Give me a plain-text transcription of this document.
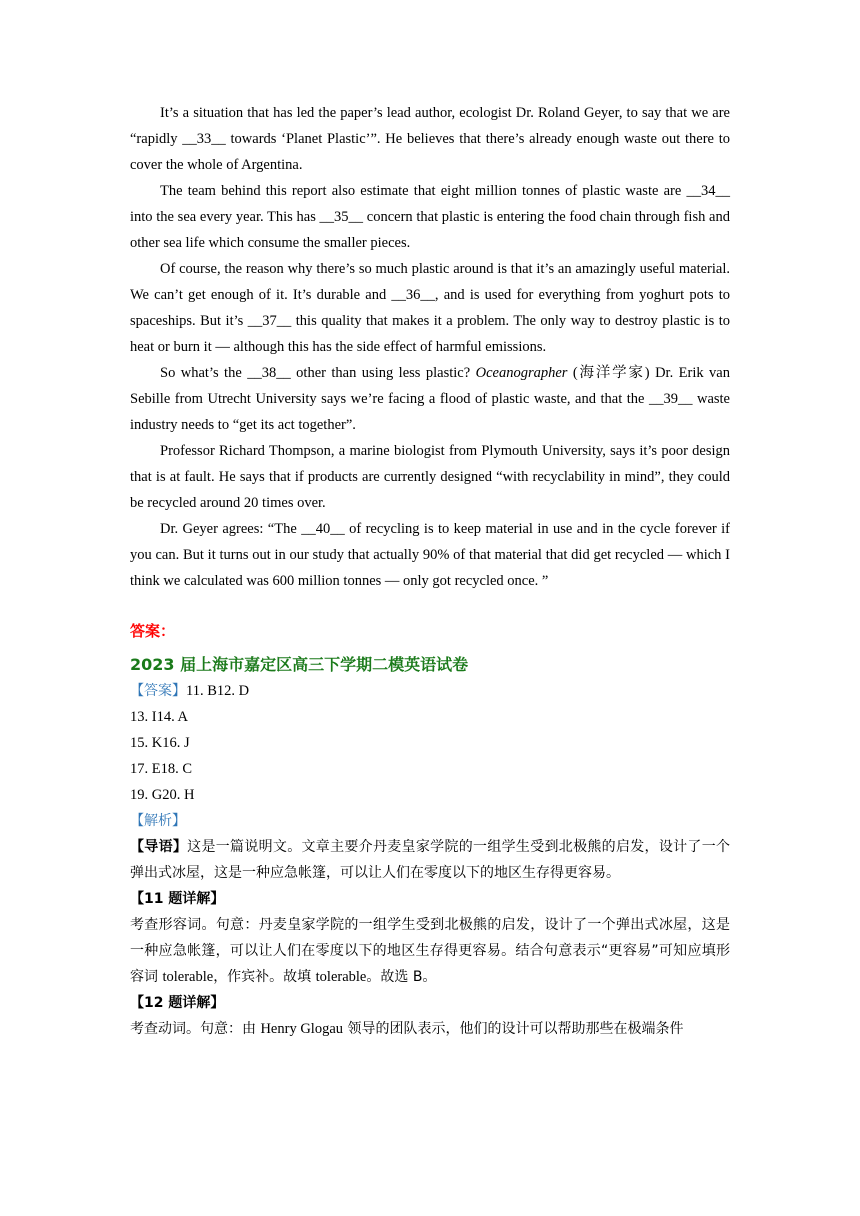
It’s a situation that has led the paper’s lead author, ecologist Dr. Roland Geyer, to say that we are “rapidly __33__ towards ‘Planet Plastic’”. He believes that there’s already enough waste out there to cover the whole of Argentina.

The team behind this report also estimate that eight million tonnes of plastic waste are __34__ into the sea every year. This has __35__ concern that plastic is entering the food chain through fish and other sea life which consume the smaller pieces.

Of course, the reason why there’s so much plastic around is that it’s an amazingly useful material. We can’t get enough of it. It’s durable and __36__, and is used for everything from yoghurt pots to spaceships. But it’s __37__ this quality that makes it a problem. The only way to destroy plastic is to heat or burn it — although this has the side effect of harmful emissions.

So what’s the __38__ other than using less plastic? Oceanographer (海洋学家) Dr. Erik van Sebille from Utrecht University says we’re facing a flood of plastic waste, and that the __39__ waste industry needs to “get its act together”.

Professor Richard Thompson, a marine biologist from Plymouth University, says it’s poor design that is at fault. He says that if products are currently designed “with recyclability in mind”, they could be recycled around 20 times over.

Dr. Geyer agrees: “The __40__ of recycling is to keep material in use and in the cycle forever if you can. But it turns out in our study that actually 90% of that material that did get recycled — which I think we calculated was 600 million tonnes — only got recycled once. ”

答案：
2023 届上海市嘉定区高三下学期二模英语试卷

【答案】11. B12. D

13. I14. A

15. K16. J

17. E18. C

19. G20. H

【解析】

【导语】这是一篇说明文。文章主要介丹麦皇家学院的一组学生受到北极熊的启发，设计了一个弹出式冰屋，这是一种应急帐篷，可以让人们在零度以下的地区生存得更容易。

【11 题详解】

考查形容词。句意：丹麦皇家学院的一组学生受到北极熊的启发，设计了一个弹出式冰屋，这是一种应急帐篷，可以让人们在零度以下的地区生存得更容易。结合句意表示“更容易”可知应填形容词 tolerable，作宾补。故填 tolerable。故选 B。

【12 题详解】

考查动词。句意：由 Henry Glogau 领导的团队表示，他们的设计可以帮助那些在极端条件
